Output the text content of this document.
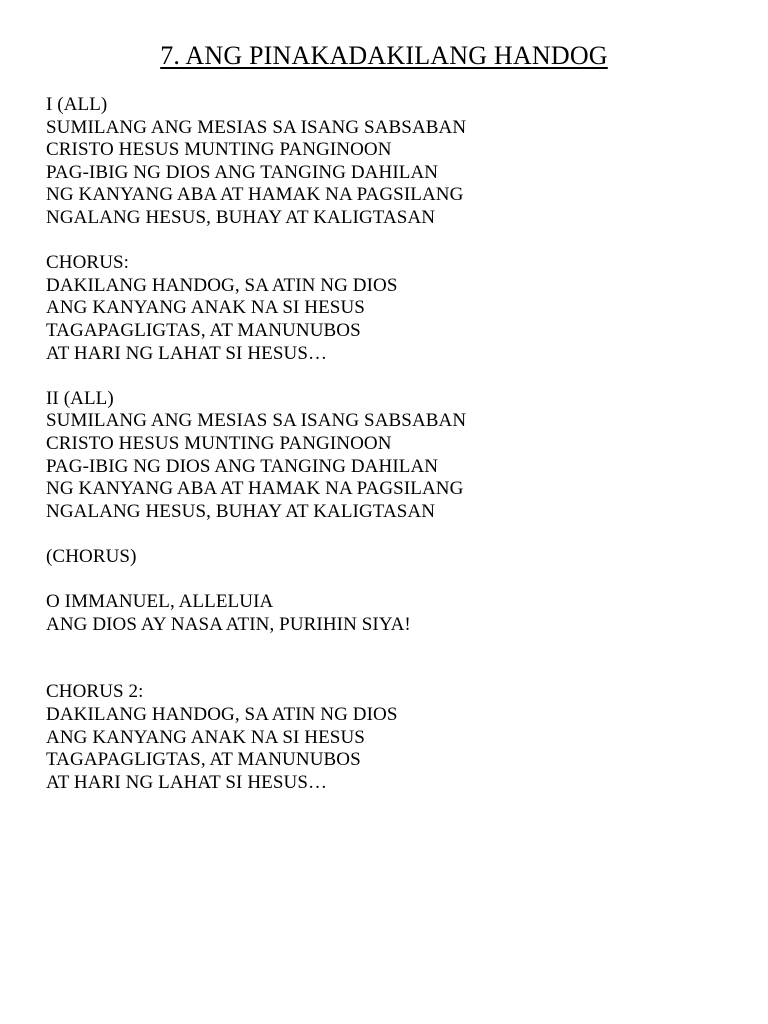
7. ANG PINAKADAKILANG HANDOG
I (ALL)
SUMILANG ANG MESIAS SA ISANG SABSABAN
CRISTO HESUS MUNTING PANGINOON
PAG-IBIG NG DIOS ANG TANGING DAHILAN
NG KANYANG ABA AT HAMAK NA PAGSILANG
NGALANG HESUS, BUHAY AT KALIGTASAN
CHORUS:
DAKILANG HANDOG, SA ATIN NG DIOS
ANG KANYANG ANAK NA SI HESUS
TAGAPAGLIGTAS, AT MANUNUBOS
AT HARI NG LAHAT SI HESUS…
II (ALL)
SUMILANG ANG MESIAS SA ISANG SABSABAN
CRISTO HESUS MUNTING PANGINOON
PAG-IBIG NG DIOS ANG TANGING DAHILAN
NG KANYANG ABA AT HAMAK NA PAGSILANG
NGALANG HESUS, BUHAY AT KALIGTASAN
(CHORUS)
O IMMANUEL, ALLELUIA
ANG DIOS AY NASA ATIN, PURIHIN SIYA!
CHORUS 2:
DAKILANG HANDOG, SA ATIN NG DIOS
ANG KANYANG ANAK NA SI HESUS
TAGAPAGLIGTAS, AT MANUNUBOS
AT HARI NG LAHAT SI HESUS…
